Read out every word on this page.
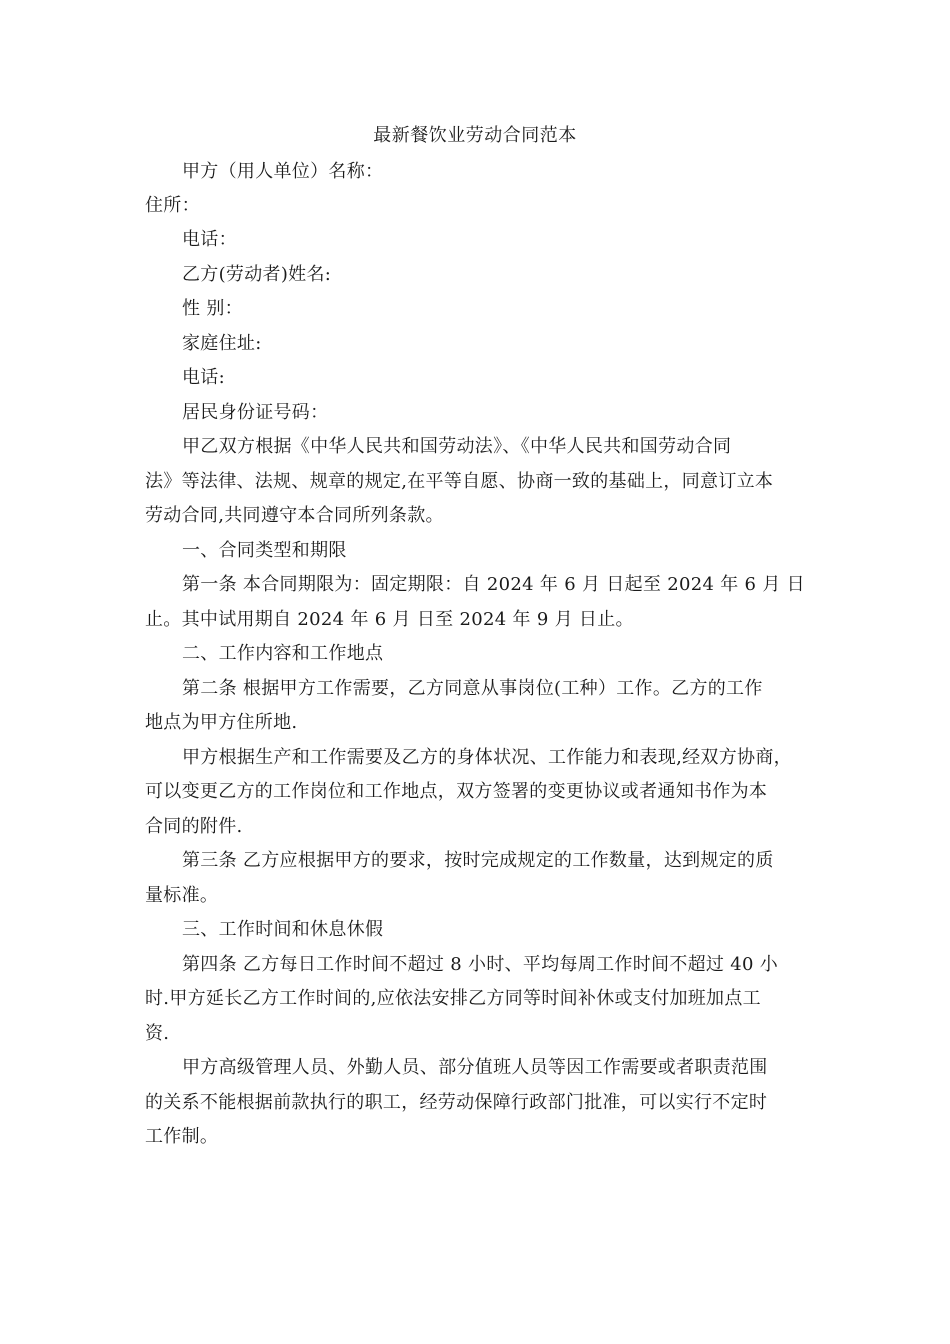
最新餐饮业劳动合同范本
甲方（用人单位）名称：
住所：
电话：
乙方(劳动者)姓名:
性 别：
家庭住址:
电话:
居民身份证号码：
甲乙双方根据《中华人民共和国劳动法》、《中华人民共和国劳动合同
法》等法律、法规、规章的规定,在平等自愿、协商一致的基础上，同意订立本
劳动合同,共同遵守本合同所列条款。
一、合同类型和期限
第一条 本合同期限为：固定期限：自 2024 年 6 月 日起至 2024 年 6 月 日
止。其中试用期自 2024 年 6 月 日至 2024 年 9 月 日止。
二、工作内容和工作地点
第二条 根据甲方工作需要，乙方同意从事岗位(工种）工作。乙方的工作
地点为甲方住所地.
甲方根据生产和工作需要及乙方的身体状况、工作能力和表现,经双方协商，
可以变更乙方的工作岗位和工作地点，双方签署的变更协议或者通知书作为本
合同的附件.
第三条 乙方应根据甲方的要求，按时完成规定的工作数量，达到规定的质
量标准。
三、工作时间和休息休假
第四条 乙方每日工作时间不超过 8 小时、平均每周工作时间不超过 40 小
时.甲方延长乙方工作时间的,应依法安排乙方同等时间补休或支付加班加点工
资.
甲方高级管理人员、外勤人员、部分值班人员等因工作需要或者职责范围
的关系不能根据前款执行的职工，经劳动保障行政部门批准，可以实行不定时
工作制。
